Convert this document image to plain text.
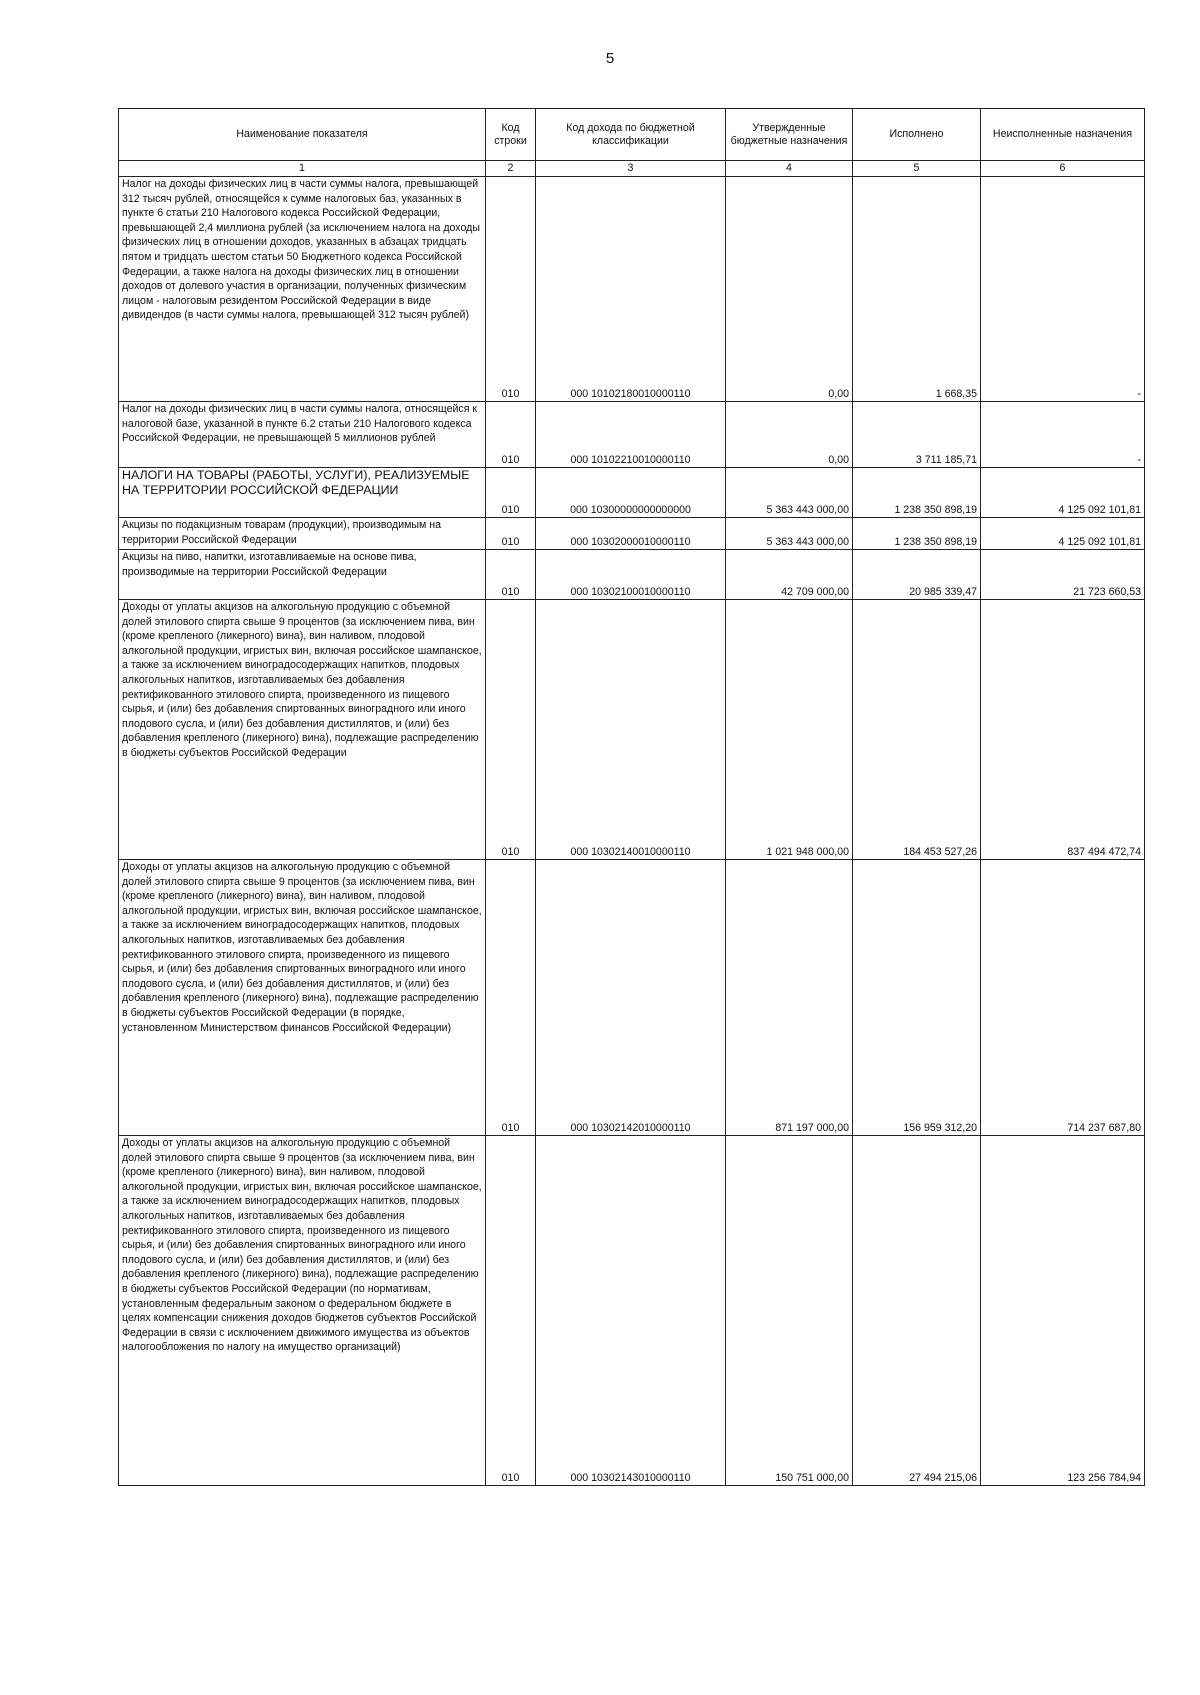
5
Наименование показателя	Код строки	Код дохода по бюджетной классификации	Утвержденные бюджетные назначения	Исполнено	Неисполненные назначения
1	2	3	4	5	6
Налог на доходы физических лиц в части суммы налога, превышающей 312 тысяч рублей, относящейся к сумме налоговых баз, указанных в пункте 6 статьи 210 Налогового кодекса Российской Федерации, превышающей 2,4 миллиона рублей (за исключением налога на доходы физических лиц в отношении доходов, указанных в абзацах тридцать пятом и тридцать шестом статьи 50 Бюджетного кодекса Российской Федерации, а также налога на доходы физических лиц в отношении доходов от долевого участия в организации, полученных физическим лицом - налоговым резидентом Российской Федерации в виде дивидендов (в части суммы налога, превышающей 312 тысяч рублей)	010	000 10102180010000110	0,00	1 668,35	-
Налог на доходы физических лиц в части суммы налога, относящейся к налоговой базе, указанной в пункте 6.2 статьи 210 Налогового кодекса Российской Федерации, не превышающей 5 миллионов рублей	010	000 10102210010000110	0,00	3 711 185,71	-
НАЛОГИ НА ТОВАРЫ (РАБОТЫ, УСЛУГИ), РЕАЛИЗУЕМЫЕ НА ТЕРРИТОРИИ РОССИЙСКОЙ ФЕДЕРАЦИИ	010	000 10300000000000000	5 363 443 000,00	1 238 350 898,19	4 125 092 101,81
Акцизы по подакцизным товарам (продукции), производимым на территории Российской Федерации	010	000 10302000010000110	5 363 443 000,00	1 238 350 898,19	4 125 092 101,81
Акцизы на пиво, напитки, изготавливаемые на основе пива, производимые на территории Российской Федерации	010	000 10302100010000110	42 709 000,00	20 985 339,47	21 723 660,53
Доходы от уплаты акцизов на алкогольную продукцию с объемной долей этилового спирта свыше 9 процентов (за исключением пива, вин (кроме крепленого (ликерного) вина), вин наливом, плодовой алкогольной продукции, игристых вин, включая российское шампанское, а также за исключением виноградосодержащих напитков, плодовых алкогольных напитков, изготавливаемых без добавления ректификованного этилового спирта, произведенного из пищевого сырья, и (или) без добавления спиртованных виноградного или иного плодового сусла, и (или) без добавления дистиллятов, и (или) без добавления крепленого (ликерного) вина), подлежащие распределению в бюджеты субъектов Российской Федерации	010	000 10302140010000110	1 021 948 000,00	184 453 527,26	837 494 472,74
Доходы от уплаты акцизов на алкогольную продукцию с объемной долей этилового спирта свыше 9 процентов (за исключением пива, вин (кроме крепленого (ликерного) вина), вин наливом, плодовой алкогольной продукции, игристых вин, включая российское шампанское, а также за исключением виноградосодержащих напитков, плодовых алкогольных напитков, изготавливаемых без добавления ректификованного этилового спирта, произведенного из пищевого сырья, и (или) без добавления спиртованных виноградного или иного плодового сусла, и (или) без добавления дистиллятов, и (или) без добавления крепленого (ликерного) вина), подлежащие распределению в бюджеты субъектов Российской Федерации (в порядке, установленном Министерством финансов Российской Федерации)	010	000 10302142010000110	871 197 000,00	156 959 312,20	714 237 687,80
Доходы от уплаты акцизов на алкогольную продукцию с объемной долей этилового спирта свыше 9 процентов (за исключением пива, вин (кроме крепленого (ликерного) вина), вин наливом, плодовой алкогольной продукции, игристых вин, включая российское шампанское, а также за исключением виноградосодержащих напитков, плодовых алкогольных напитков, изготавливаемых без добавления ректификованного этилового спирта, произведенного из пищевого сырья, и (или) без добавления спиртованных виноградного или иного плодового сусла, и (или) без добавления дистиллятов, и (или) без добавления крепленого (ликерного) вина), подлежащие распределению в бюджеты субъектов Российской Федерации (по нормативам, установленным федеральным законом о федеральном бюджете в целях компенсации снижения доходов бюджетов субъектов Российской Федерации в связи с исключением движимого имущества из объектов налогообложения по налогу на имущество организаций)	010	000 10302143010000110	150 751 000,00	27 494 215,06	123 256 784,94
